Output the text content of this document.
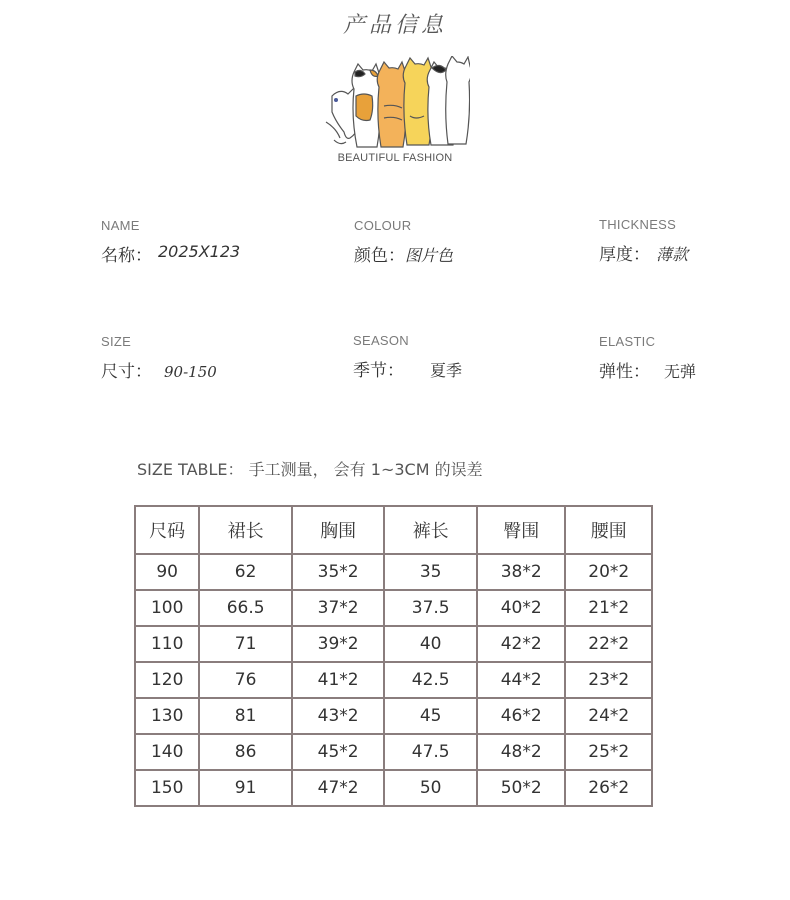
产品信息
BEAUTIFUL FASHION
NAME
名称： 2025X123
COLOUR
颜色：图片色
THICKNESS
厚度： 薄款
SIZE
尺寸： 90-150
SEASON
季节： 夏季
ELASTIC
弹性： 无弹
SIZE TABLE： 手工测量， 会有 1~3CM 的误差
尺码	裙长	胸围	裤长	臀围	腰围
90	62	35*2	35	38*2	20*2
100	66.5	37*2	37.5	40*2	21*2
110	71	39*2	40	42*2	22*2
120	76	41*2	42.5	44*2	23*2
130	81	43*2	45	46*2	24*2
140	86	45*2	47.5	48*2	25*2
150	91	47*2	50	50*2	26*2
